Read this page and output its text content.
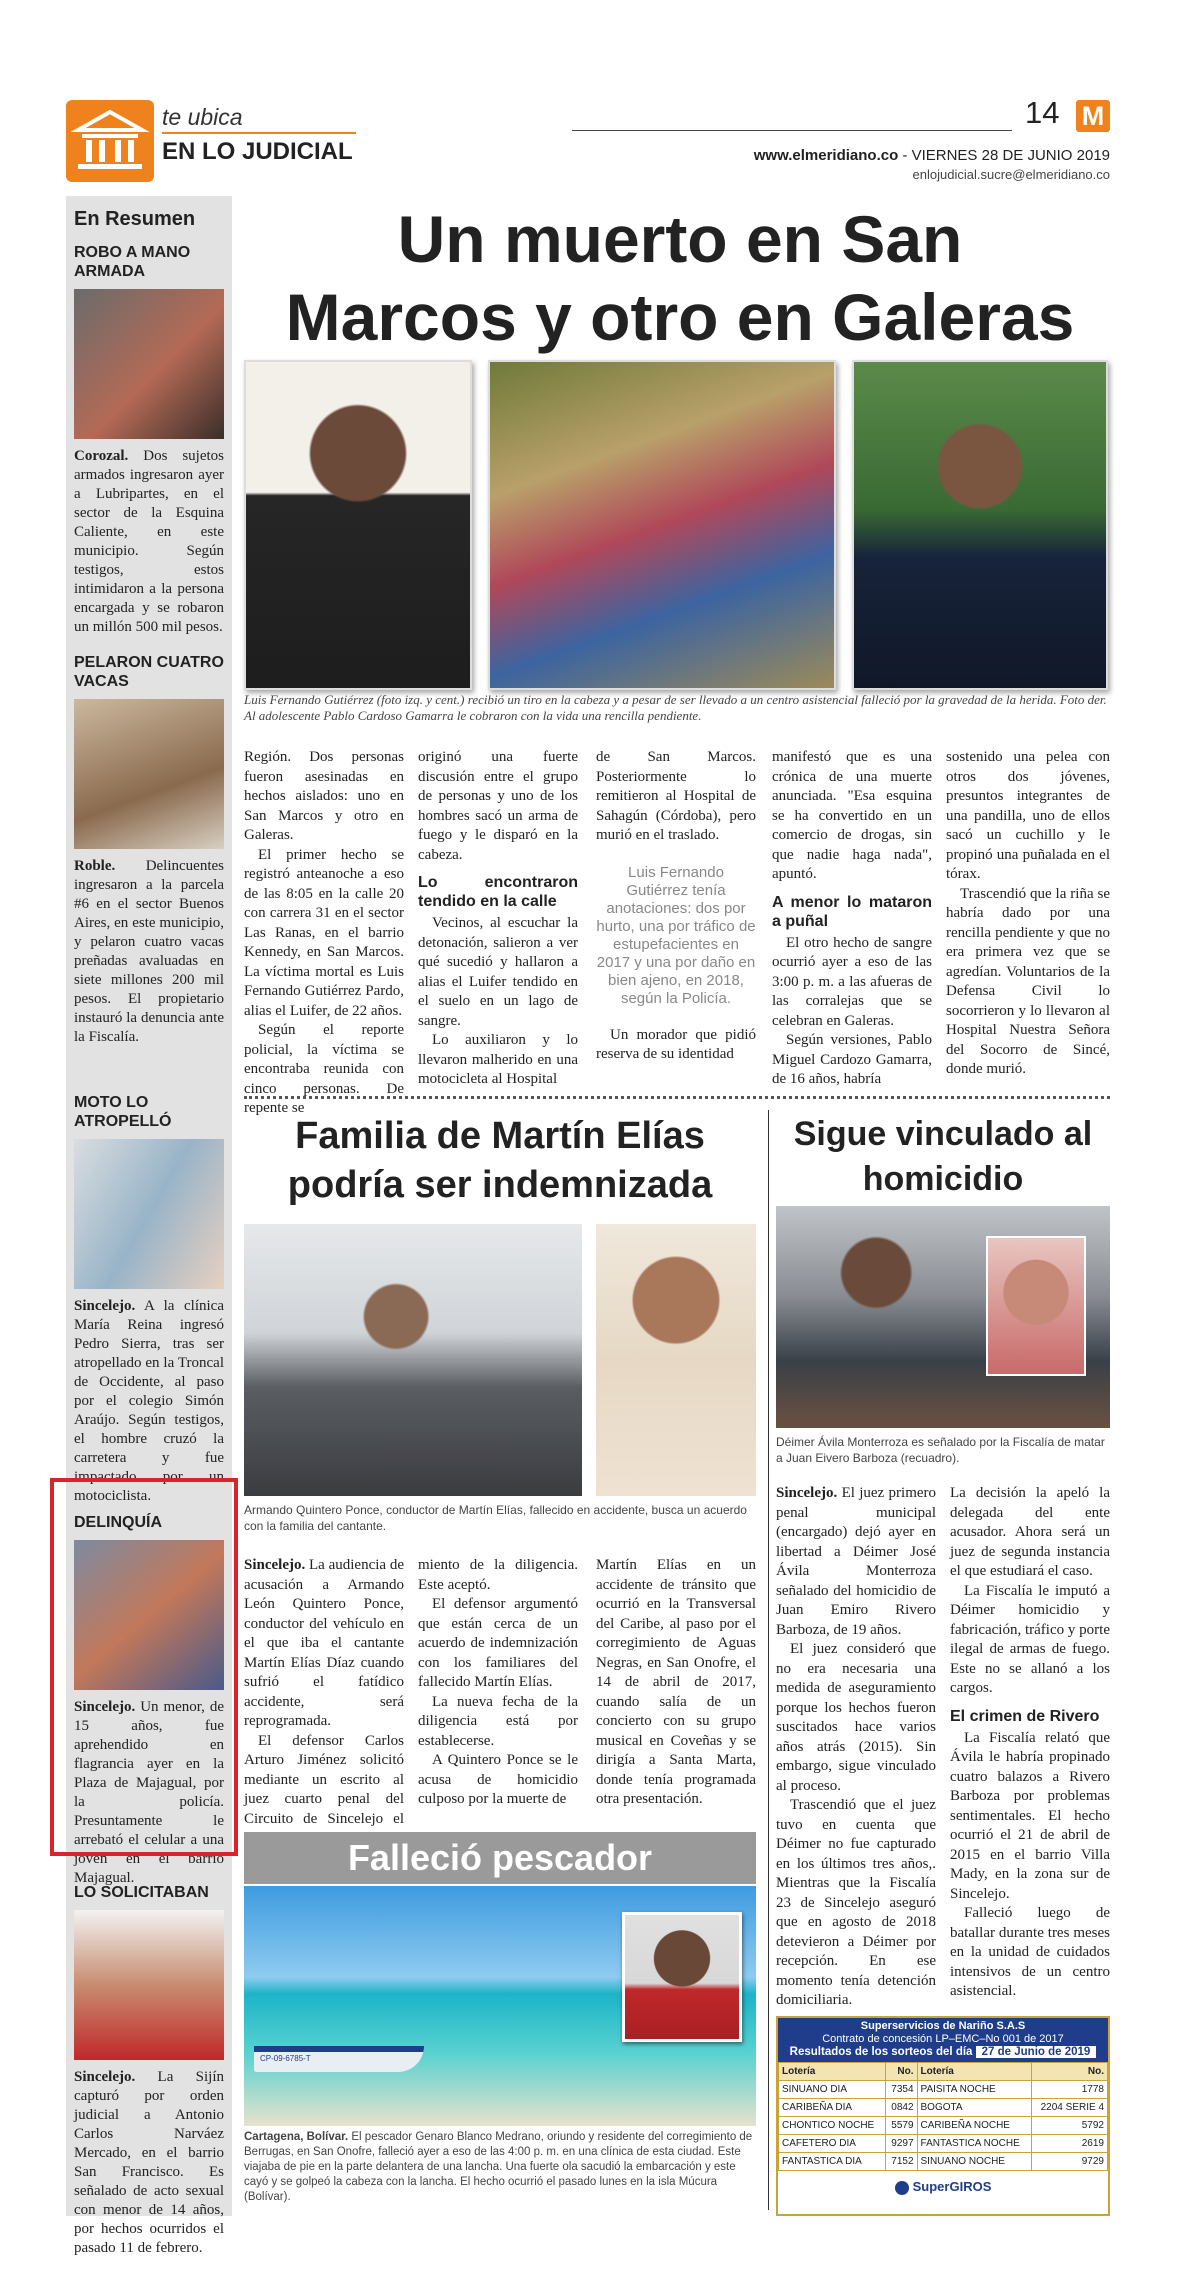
te ubica
EN LO JUDICIAL
14 M
www.elmeridiano.co - VIERNES 28 DE JUNIO 2019
enlojudicial.sucre@elmeridiano.co
En Resumen
ROBO A MANO ARMADA
Corozal. Dos sujetos armados ingresaron ayer a Lubripartes, en el sector de la Esquina Caliente, en este municipio. Según testigos, estos intimidaron a la persona encargada y se robaron un millón 500 mil pesos.
PELARON CUATRO VACAS
Roble. Delincuentes ingresaron a la parcela #6 en el sector Buenos Aires, en este municipio, y pelaron cuatro vacas preñadas avaluadas en siete millones 200 mil pesos. El propietario instauró la denuncia ante la Fiscalía.
MOTO LO ATROPELLÓ
Sincelejo. A la clínica María Reina ingresó Pedro Sierra, tras ser atropellado en la Troncal de Occidente, al paso por el colegio Simón Araújo. Según testigos, el hombre cruzó la carretera y fue impactado por un motociclista.
DELINQUÍA
Sincelejo. Un menor, de 15 años, fue aprehendido en flagrancia ayer en la Plaza de Majagual, por la policía. Presuntamente le arrebató el celular a una joven en el barrio Majagual.
LO SOLICITABAN
Sincelejo. La Sijín capturó por orden judicial a Antonio Carlos Narváez Mercado, en el barrio San Francisco. Es señalado de acto sexual con menor de 14 años, por hechos ocurridos el pasado 11 de febrero.
Un muerto en San
Marcos y otro en Galeras
Luis Fernando Gutiérrez (foto izq. y cent.) recibió un tiro en la cabeza y a pesar de ser llevado a un centro asistencial falleció por la gravedad de la herida. Foto der. Al adolescente Pablo Cardoso Gamarra le cobraron con la vida una rencilla pendiente.

Región. Dos personas fueron asesinadas en hechos aislados: uno en San Marcos y otro en Galeras.

El primer hecho se registró anteanoche a eso de las 8:05 en la calle 20 con carrera 31 en el sector Las Ranas, en el barrio Kennedy, en San Marcos. La víctima mortal es Luis Fernando Gutiérrez Pardo, alias el Luifer, de 22 años.

Según el reporte policial, la víctima se encontraba reunida con cinco personas. De repente se

originó una fuerte discusión entre el grupo de personas y uno de los hombres sacó un arma de fuego y le disparó en la cabeza.

Lo encontraron tendido en la calle

Vecinos, al escuchar la detonación, salieron a ver qué sucedió y hallaron a alias el Luifer tendido en el suelo en un lago de sangre.

Lo auxiliaron y lo llevaron malherido en una motocicleta al Hospital

de San Marcos. Posteriormente lo remitieron al Hospital de Sahagún (Córdoba), pero murió en el traslado.

Luis Fernando Gutiérrez tenía anotaciones: dos por hurto, una por tráfico de estupefacientes en 2017 y una por daño en bien ajeno, en 2018, según la Policía.

Un morador que pidió reserva de su identidad

manifestó que es una crónica de una muerte anunciada. "Esa esquina se ha convertido en un comercio de drogas, sin que nadie haga nada", apuntó.

A menor lo mataron a puñal

El otro hecho de sangre ocurrió ayer a eso de las 3:00 p. m. a las afueras de las corralejas que se celebran en Galeras.

Según versiones, Pablo Miguel Cardozo Gamarra, de 16 años, habría

sostenido una pelea con otros dos jóvenes, presuntos integrantes de una pandilla, uno de ellos sacó un cuchillo y le propinó una puñalada en el tórax.

Trascendió que la riña se habría dado por una rencilla pendiente y que no era primera vez que se agredían. Voluntarios de la Defensa Civil lo socorrieron y lo llevaron al Hospital Nuestra Señora del Socorro de Sincé, donde murió.

Familia de Martín Elías podría ser indemnizada
Armando Quintero Ponce, conductor de Martín Elías, fallecido en accidente, busca un acuerdo con la familia del cantante.

Sincelejo. La audiencia de acusación a Armando León Quintero Ponce, conductor del vehículo en el que iba el cantante Martín Elías Díaz cuando sufrió el fatídico accidente, será reprogramada.

El defensor Carlos Arturo Jiménez solicitó mediante un escrito al juez cuarto penal del Circuito de Sincelejo el

miento de la diligencia. Este aceptó.

El defensor argumentó que están cerca de un acuerdo de indemnización con los familiares del fallecido Martín Elías.

La nueva fecha de la diligencia está por establecerse.

A Quintero Ponce se le acusa de homicidio culposo por la muerte de

Martín Elías en un accidente de tránsito que ocurrió en la Transversal del Caribe, al paso por el corregimiento de Aguas Negras, en San Onofre, el 14 de abril de 2017, cuando salía de un concierto con su grupo musical en Coveñas y se dirigía a Santa Marta, donde tenía programada otra presentación.

Falleció pescador
CP-09-6785-T
Cartagena, Bolívar. El pescador Genaro Blanco Medrano, oriundo y residente del corregimiento de Berrugas, en San Onofre, falleció ayer a eso de las 4:00 p. m. en una clínica de esta ciudad. Este viajaba de pie en la parte delantera de una lancha. Una fuerte ola sacudió la embarcación y este cayó y se golpeó la cabeza con la lancha. El hecho ocurrió el pasado lunes en la isla Múcura (Bolívar).
Sigue vinculado al homicidio
Déimer Ávila Monterroza es señalado por la Fiscalía de matar a Juan Eivero Barboza (recuadro).

Sincelejo. El juez primero penal municipal (encargado) dejó ayer en libertad a Déimer José Ávila Monterroza señalado del homicidio de Juan Emiro Rivero Barboza, de 19 años.

El juez consideró que no era necesaria una medida de aseguramiento porque los hechos fueron suscitados hace varios años atrás (2015). Sin embargo, sigue vinculado al proceso.

Trascendió que el juez tuvo en cuenta que Déimer no fue capturado en los últimos tres años,. Mientras que la Fiscalía 23 de Sincelejo aseguró que en agosto de 2018 detevieron a Déimer por recepción. En ese momento tenía detención domiciliaria.

La decisión la apeló la delegada del ente acusador. Ahora será un juez de segunda instancia el que estudiará el caso.

La Fiscalía le imputó a Déimer homicidio y fabricación, tráfico y porte ilegal de armas de fuego. Este no se allanó a los cargos.

El crimen de Rivero

La Fiscalía relató que Ávila le habría propinado cuatro balazos a Rivero Barboza por problemas sentimentales. El hecho ocurrió el 21 de abril de 2015 en el barrio Villa Mady, en la zona sur de Sincelejo.

Falleció luego de batallar durante tres meses en la unidad de cuidados intensivos de un centro asistencial.

Superservicios de Nariño S.A.S
Contrato de concesión LP–EMC–No 001 de 2017
Resultados de los sorteos del día 27 de Junio de 2019
Lotería	No.	Lotería	No.
SINUANO DIA	7354	PAISITA NOCHE	1778
CARIBEÑA DIA	0842	BOGOTA	2204 SERIE 4
CHONTICO NOCHE	5579	CARIBEÑA NOCHE	5792
CAFETERO DIA	9297	FANTASTICA NOCHE	2619
FANTASTICA DIA	7152	SINUANO NOCHE	9729
SuperGIROS
